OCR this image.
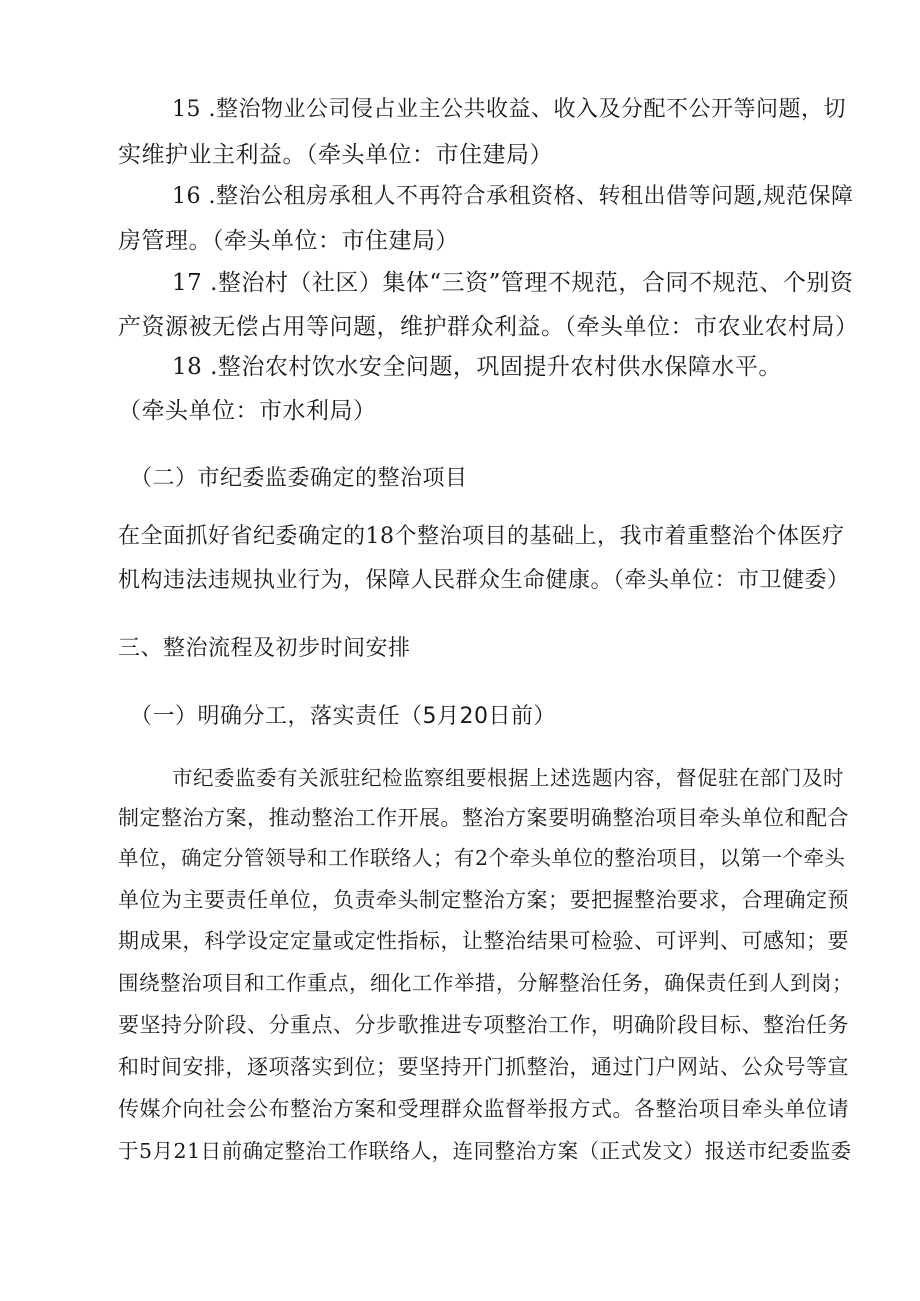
15 .整治物业公司侵占业主公共收益、收入及分配不公开等问题，切
实维护业主利益。（牵头单位：市住建局）
16 .整治公租房承租人不再符合承租资格、转租出借等问题,规范保障
房管理。（牵头单位：市住建局）
17 .整治村（社区）集体“三资”管理不规范，合同不规范、个别资
产资源被无偿占用等问题，维护群众利益。（牵头单位：市农业农村局）
18 .整治农村饮水安全问题，巩固提升农村供水保障水平。
（牵头单位：市水利局）
（二）市纪委监委确定的整治项目
在全面抓好省纪委确定的18个整治项目的基础上，我市着重整治个体医疗
机构违法违规执业行为，保障人民群众生命健康。（牵头单位：市卫健委）
三、整治流程及初步时间安排
（一）明确分工，落实责任（5月20日前）
市纪委监委有关派驻纪检监察组要根据上述选题内容，督促驻在部门及时
制定整治方案，推动整治工作开展。整治方案要明确整治项目牵头单位和配合
单位，确定分管领导和工作联络人；有2个牵头单位的整治项目，以第一个牵头
单位为主要责任单位，负责牵头制定整治方案；要把握整治要求，合理确定预
期成果，科学设定定量或定性指标，让整治结果可检验、可评判、可感知；要
围绕整治项目和工作重点，细化工作举措，分解整治任务，确保责任到人到岗；
要坚持分阶段、分重点、分步歌推进专项整治工作，明确阶段目标、整治任务
和时间安排，逐项落实到位；要坚持开门抓整治，通过门户网站、公众号等宣
传媒介向社会公布整治方案和受理群众监督举报方式。各整治项目牵头单位请
于5月21日前确定整治工作联络人，连同整治方案（正式发文）报送市纪委监委
